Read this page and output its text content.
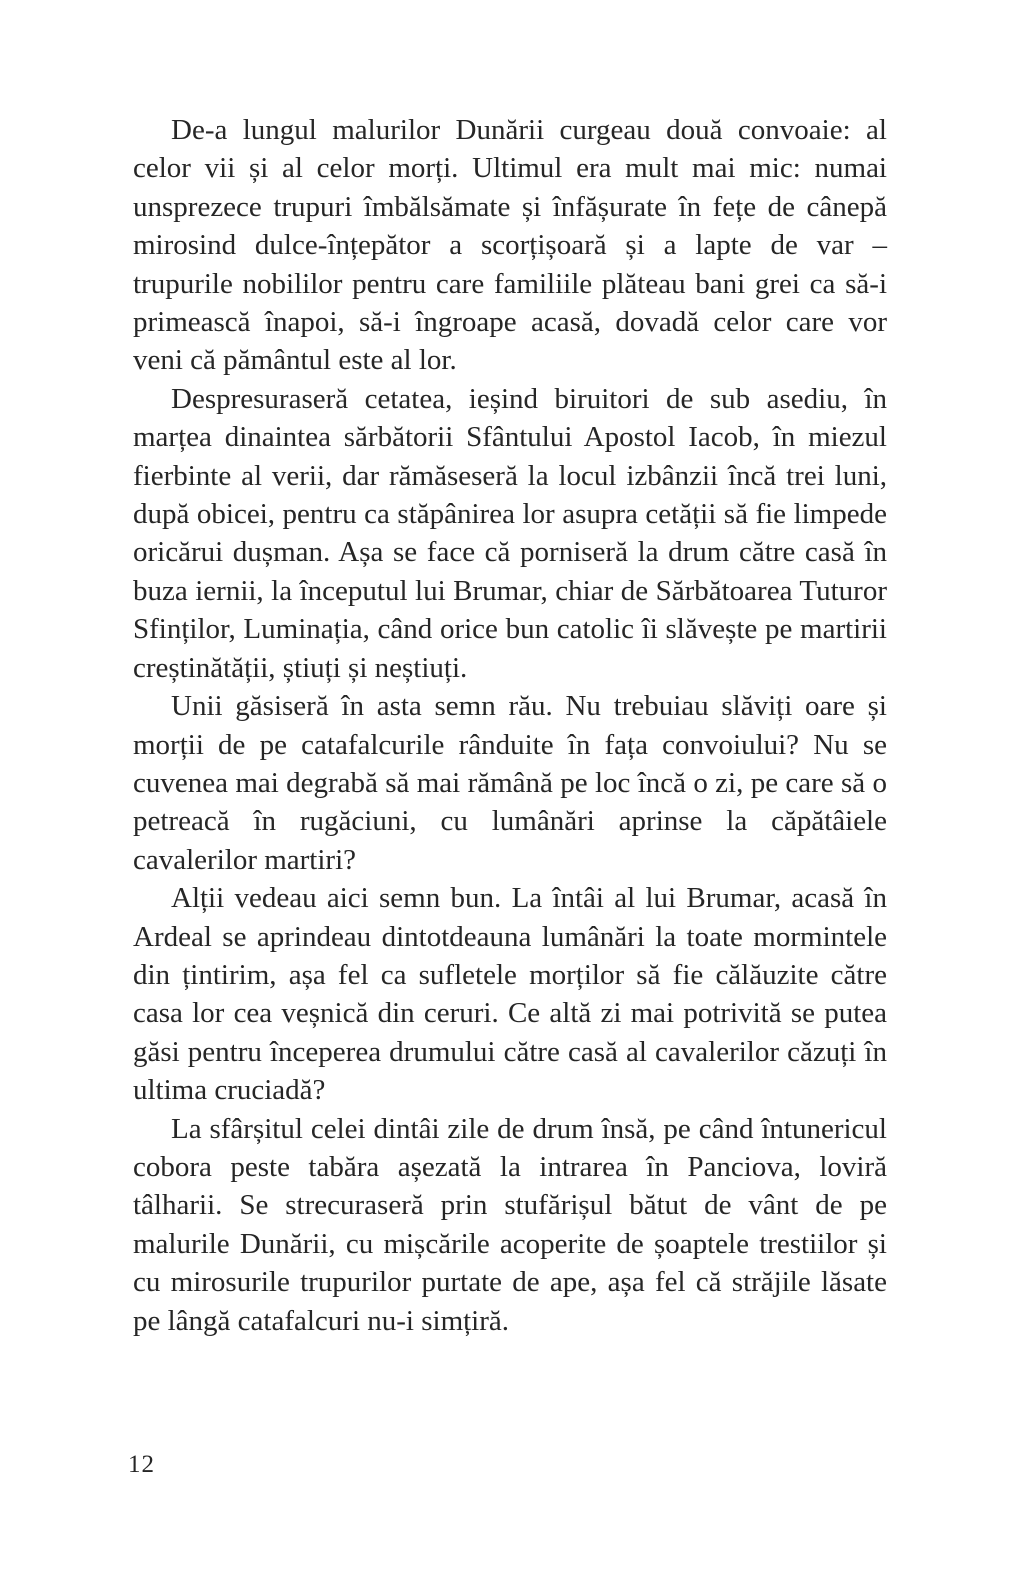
De-a lungul malurilor Dunării curgeau două convoaie: al celor vii și al celor morți. Ultimul era mult mai mic: numai unsprezece trupuri îmbălsămate și înfășurate în fețe de cânepă mirosind dulce-înțepător a scorțișoară și a lapte de var – trupurile nobililor pentru care familiile plăteau bani grei ca să-i primească înapoi, să-i îngroape acasă, dovadă celor care vor veni că pământul este al lor.

Despresuraseră cetatea, ieșind biruitori de sub asediu, în marțea dinaintea sărbătorii Sfântului Apostol Iacob, în miezul fierbinte al verii, dar rămăseseră la locul izbânzii încă trei luni, după obicei, pentru ca stăpânirea lor asupra cetății să fie limpede oricărui dușman. Așa se face că porniseră la drum către casă în buza iernii, la începutul lui Brumar, chiar de Sărbătoarea Tuturor Sfinților, Luminația, când orice bun catolic îi slăvește pe martirii creștinătății, știuți și neștiuți.

Unii găsiseră în asta semn rău. Nu trebuiau slăviți oare și morții de pe catafalcurile rânduite în fața convoiului? Nu se cuvenea mai degrabă să mai rămână pe loc încă o zi, pe care să o petreacă în rugăciuni, cu lumânări aprinse la căpătâiele cavalerilor martiri?

Alții vedeau aici semn bun. La întâi al lui Brumar, acasă în Ardeal se aprindeau dintotdeauna lumânări la toate mormintele din țintirim, așa fel ca sufletele morților să fie călăuzite către casa lor cea veșnică din ceruri. Ce altă zi mai potrivită se putea găsi pentru începerea drumului către casă al cavalerilor căzuți în ultima cruciadă?

La sfârșitul celei dintâi zile de drum însă, pe când întunericul cobora peste tabăra așezată la intrarea în Panciova, loviră tâlharii. Se strecuraseră prin stufărișul bătut de vânt de pe malurile Dunării, cu mișcările acoperite de șoaptele trestiilor și cu mirosurile trupurilor purtate de ape, așa fel că străjile lăsate pe lângă catafalcuri nu-i simțiră.

12
